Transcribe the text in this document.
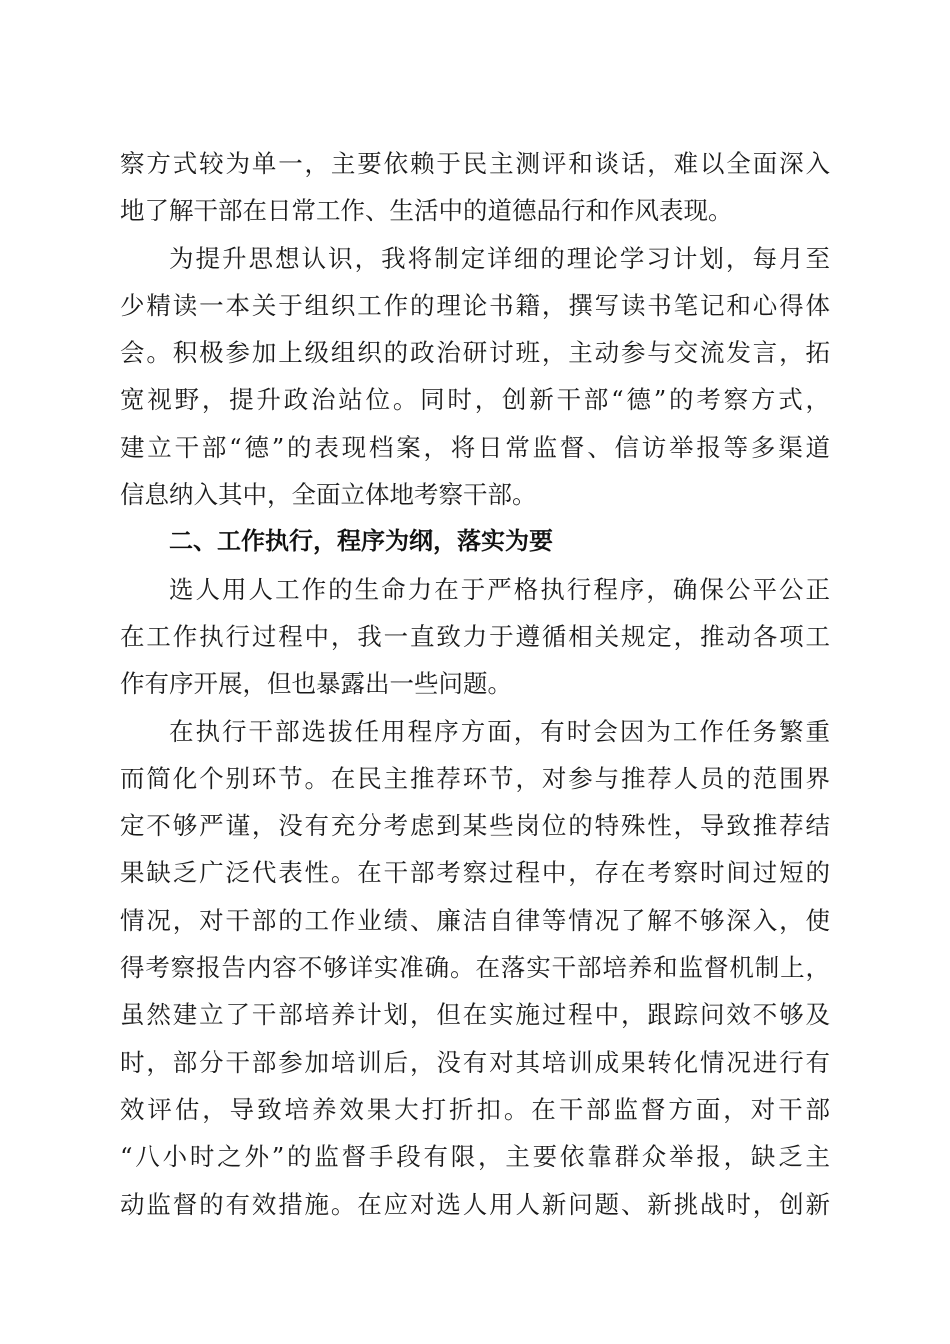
察方式较为单一，主要依赖于民主测评和谈话，难以全面深入
地了解干部在日常工作、生活中的道德品行和作风表现。
为提升思想认识，我将制定详细的理论学习计划，每月至
少精读一本关于组织工作的理论书籍，撰写读书笔记和心得体
会。积极参加上级组织的政治研讨班，主动参与交流发言，拓
宽视野，提升政治站位。同时，创新干部“德”的考察方式，
建立干部“德”的表现档案，将日常监督、信访举报等多渠道
信息纳入其中，全面立体地考察干部。
二、工作执行，程序为纲，落实为要
选人用人工作的生命力在于严格执行程序，确保公平公正
在工作执行过程中，我一直致力于遵循相关规定，推动各项工
作有序开展，但也暴露出一些问题。
在执行干部选拔任用程序方面，有时会因为工作任务繁重
而简化个别环节。在民主推荐环节，对参与推荐人员的范围界
定不够严谨，没有充分考虑到某些岗位的特殊性，导致推荐结
果缺乏广泛代表性。在干部考察过程中，存在考察时间过短的
情况，对干部的工作业绩、廉洁自律等情况了解不够深入，使
得考察报告内容不够详实准确。在落实干部培养和监督机制上，
虽然建立了干部培养计划，但在实施过程中，跟踪问效不够及
时，部分干部参加培训后，没有对其培训成果转化情况进行有
效评估，导致培养效果大打折扣。在干部监督方面，对干部
“八小时之外”的监督手段有限，主要依靠群众举报，缺乏主
动监督的有效措施。在应对选人用人新问题、新挑战时，创新
